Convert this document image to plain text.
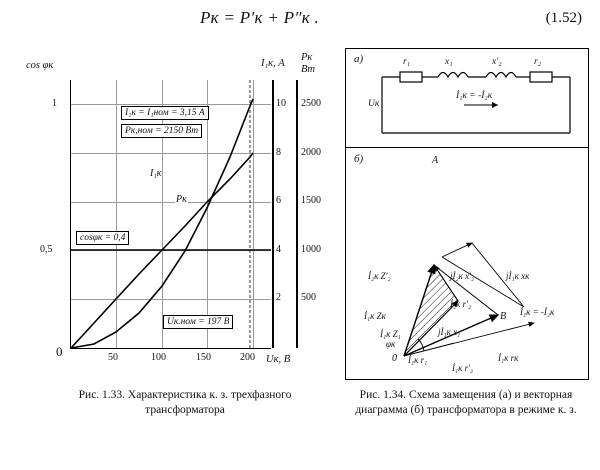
Pк = P′к + P″к .	(1.52)
cos φк	I₁к, A
Pк
Bт
Uк, B
I₁к = I₁ном = 3,15 A
Pк,ном = 2150 Вт
cosφк = 0,4
Uк.ном = 197 B
I₁к
Pк
1
0,5
0
10
8
6
4
2
2500
2000
1500
1000
500
50	100	150	200
а)	r₁	x₁	x′₂	r₂
Uк
İ₁к = -İ₂к
б)	A
B
0
İ₂к Z′₂	jİ₂к x′₂	jİ₁к xк
İ₁к Zк
İ₂к r′₂
İ₁к Z₁	jİ₁к x₁
İ₁к r₁
İ₁к r′₂
İ₁к rк
İ₁к = -İ₂к
φк
Рис. 1.33. Характеристика к. з. трехфазного трансформатора
Рис. 1.34. Схема замещения (а) и векторная диаграмма (б) трансформатора в режиме к. з.
